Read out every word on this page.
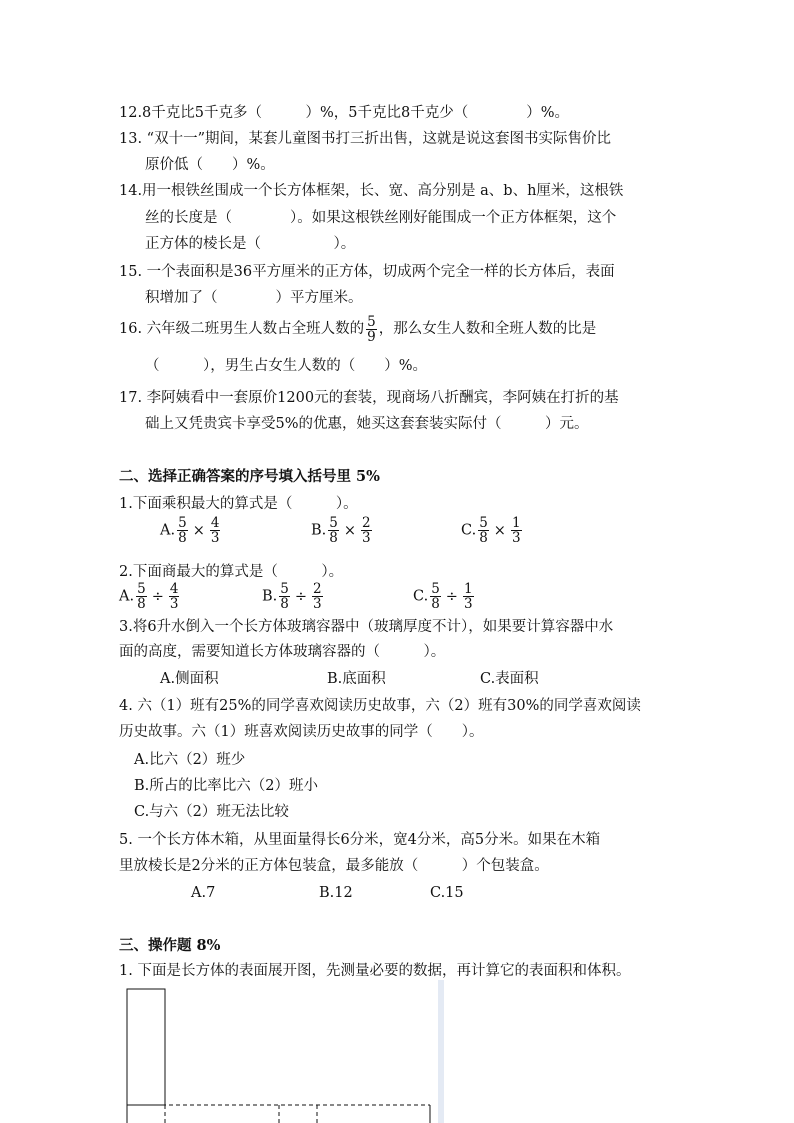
12.8千克比5千克多（　　　）%，5千克比8千克少（　　　　）%。
13. “双十一”期间，某套儿童图书打三折出售，这就是说这套图书实际售价比
原价低（　　）%。
14.用一根铁丝围成一个长方体框架，长、宽、高分别是 a、b、h厘米，这根铁
丝的长度是（　　　　）。如果这根铁丝刚好能围成一个正方体框架，这个
正方体的棱长是（　　　　　）。
15. 一个表面积是36平方厘米的正方体，切成两个完全一样的长方体后，表面
积增加了（　　　　）平方厘米。
16. 六年级二班男生人数占全班人数的 $\frac{5}{9}$ ，那么女生人数和全班人数的比是
（　　　），男生占女生人数的（　　）%。
17. 李阿姨看中一套原价1200元的套装，现商场八折酬宾，李阿姨在打折的基
础上又凭贵宾卡享受5%的优惠，她买这套套装实际付（　　　）元。
二、选择正确答案的序号填入括号里 5%
1.下面乘积最大的算式是（　　　）。
A. $\frac{5}{8} \times \frac{4}{3}$	B. $\frac{5}{8} \times \frac{2}{3}$	C. $\frac{5}{8} \times \frac{1}{3}$
2.下面商最大的算式是（　　　）。
A. $\frac{5}{8} \div \frac{4}{3}$	B. $\frac{5}{8} \div \frac{2}{3}$	C. $\frac{5}{8} \div \frac{1}{3}$
3.将6升水倒入一个长方体玻璃容器中（玻璃厚度不计），如果要计算容器中水
面的高度，需要知道长方体玻璃容器的（　　　）。
A.侧面积	B.底面积	C.表面积
4. 六（1）班有25%的同学喜欢阅读历史故事，六（2）班有30%的同学喜欢阅读
历史故事。六（1）班喜欢阅读历史故事的同学（　　）。
A.比六（2）班少
B.所占的比率比六（2）班小
C.与六（2）班无法比较
5. 一个长方体木箱，从里面量得长6分米，宽4分米，高5分米。如果在木箱
里放棱长是2分米的正方体包装盒，最多能放（　　　）个包装盒。
A.7	B.12	C.15
三、操作题 8%
1. 下面是长方体的表面展开图，先测量必要的数据，再计算它的表面积和体积。
